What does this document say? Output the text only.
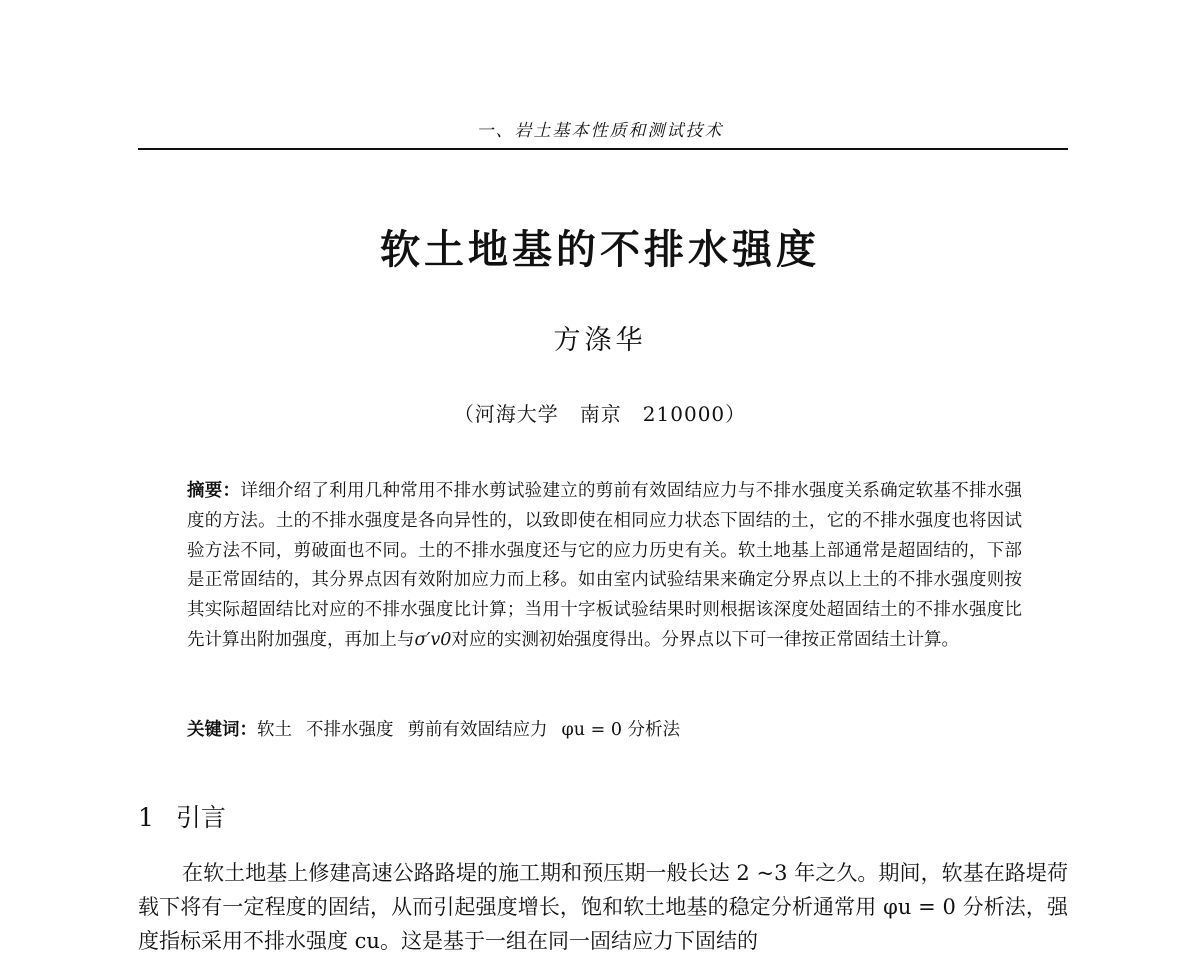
一、岩土基本性质和测试技术
软土地基的不排水强度
方涤华
（河海大学　南京　210000）
摘要：详细介绍了利用几种常用不排水剪试验建立的剪前有效固结应力与不排水强度关系确定软基不排水强度的方法。土的不排水强度是各向异性的，以致即使在相同应力状态下固结的土，它的不排水强度也将因试验方法不同，剪破面也不同。土的不排水强度还与它的应力历史有关。软土地基上部通常是超固结的，下部是正常固结的，其分界点因有效附加应力而上移。如由室内试验结果来确定分界点以上土的不排水强度则按其实际超固结比对应的不排水强度比计算；当用十字板试验结果时则根据该深度处超固结土的不排水强度比先计算出附加强度，再加上与σ′v0对应的实测初始强度得出。分界点以下可一律按正常固结土计算。
关键词：软土 不排水强度 剪前有效固结应力 φu = 0 分析法
1 引言
在软土地基上修建高速公路路堤的施工期和预压期一般长达 2 ~3 年之久。期间，软基在路堤荷载下将有一定程度的固结，从而引起强度增长，饱和软土地基的稳定分析通常用 φu = 0 分析法，强度指标采用不排水强度 cu。这是基于一组在同一固结应力下固结的
